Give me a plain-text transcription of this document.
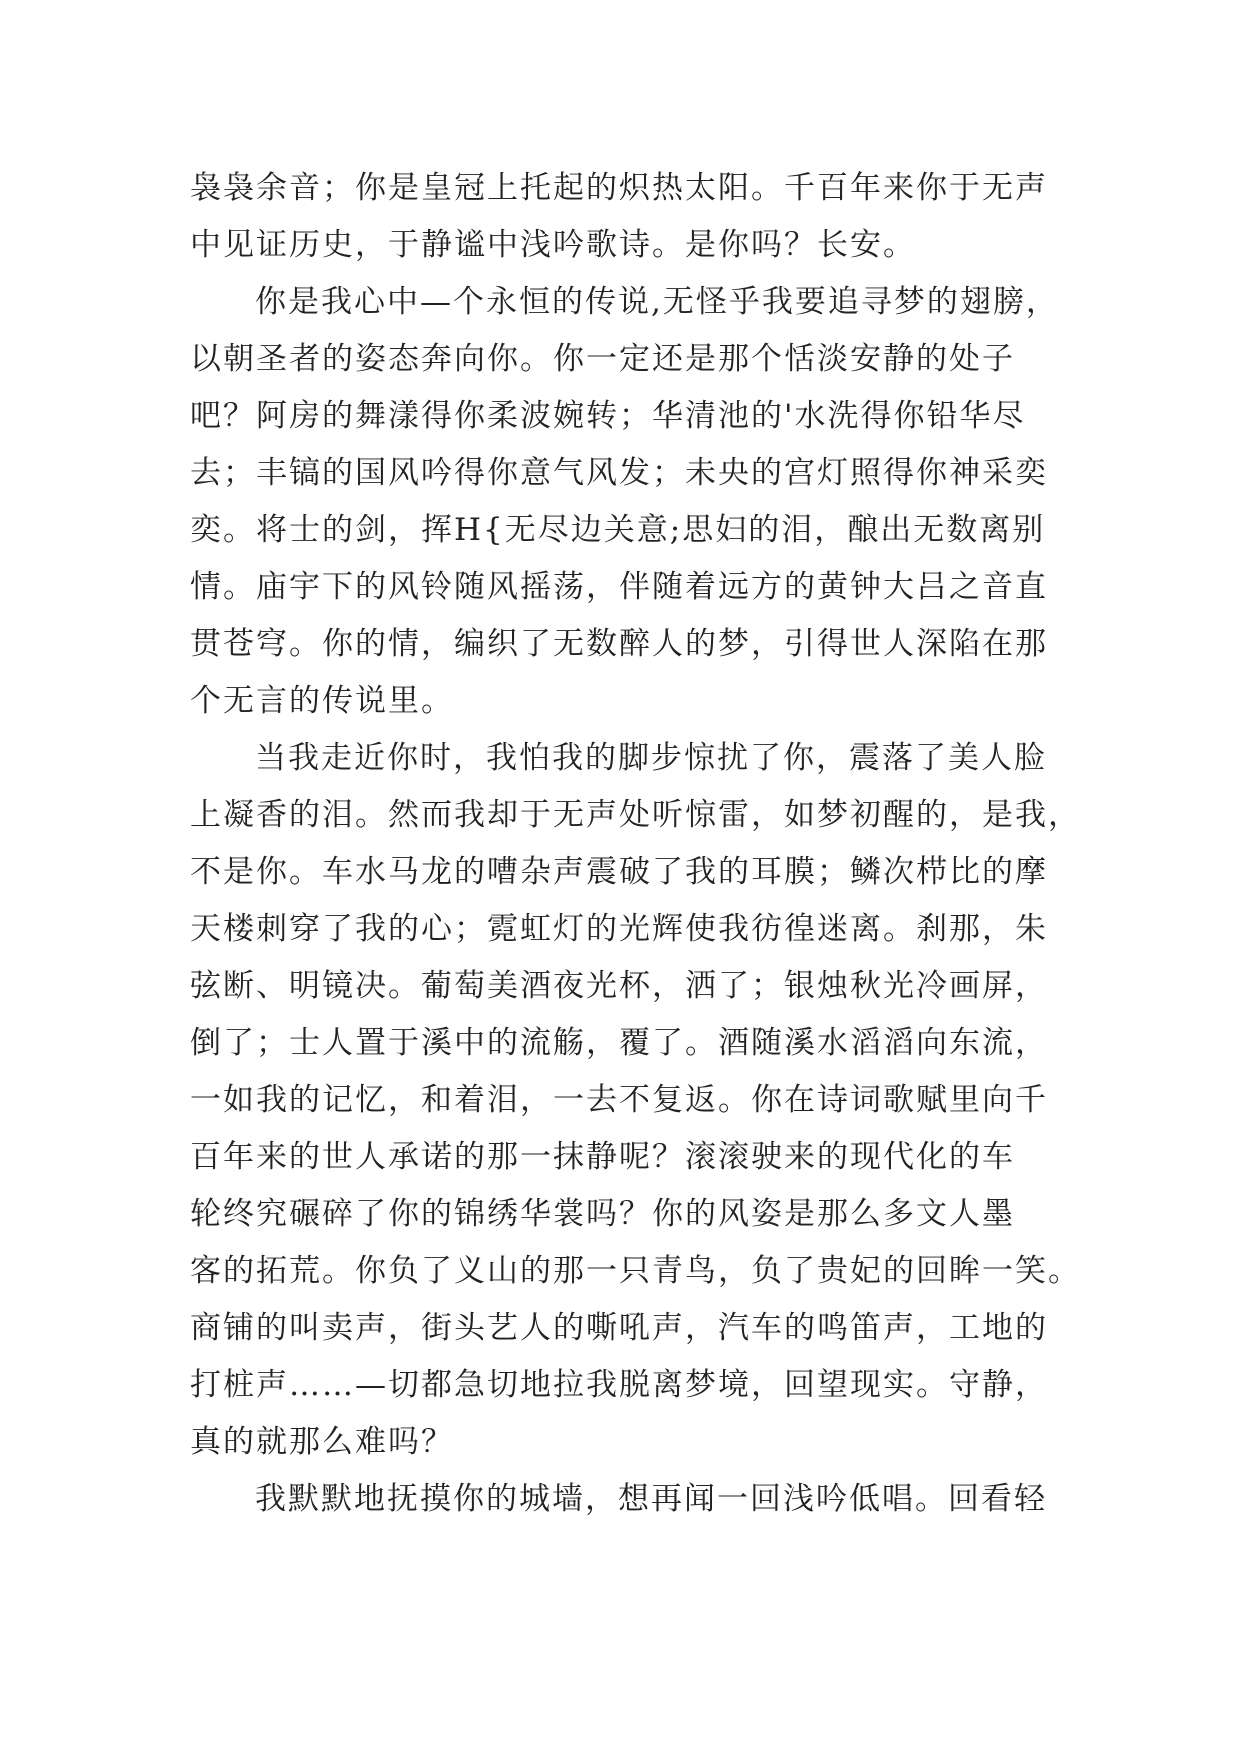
袅袅余音；你是皇冠上托起的炽热太阳。千百年来你于无声
中见证历史，于静谧中浅吟歌诗。是你吗？长安。
你是我心中—个永恒的传说,无怪乎我要追寻梦的翅膀，
以朝圣者的姿态奔向你。你一定还是那个恬淡安静的处子
吧？阿房的舞漾得你柔波婉转；华清池的'水洗得你铅华尽
去；丰镐的国风吟得你意气风发；未央的宫灯照得你神采奕
奕。将士的剑，挥H{无尽边关意;思妇的泪，酿出无数离别
情。庙宇下的风铃随风摇荡，伴随着远方的黄钟大吕之音直
贯苍穹。你的情，编织了无数醉人的梦，引得世人深陷在那
个无言的传说里。
当我走近你时，我怕我的脚步惊扰了你，震落了美人脸
上凝香的泪。然而我却于无声处听惊雷，如梦初醒的，是我，
不是你。车水马龙的嘈杂声震破了我的耳膜；鳞次栉比的摩
天楼刺穿了我的心；霓虹灯的光辉使我彷徨迷离。刹那，朱
弦断、明镜决。葡萄美酒夜光杯，洒了；银烛秋光冷画屏，
倒了；士人置于溪中的流觞，覆了。酒随溪水滔滔向东流，
一如我的记忆，和着泪，一去不复返。你在诗词歌赋里向千
百年来的世人承诺的那一抹静呢？滚滚驶来的现代化的车
轮终究碾碎了你的锦绣华裳吗？你的风姿是那么多文人墨
客的拓荒。你负了义山的那一只青鸟，负了贵妃的回眸一笑。
商铺的叫卖声，街头艺人的嘶吼声，汽车的鸣笛声，工地的
打桩声……—切都急切地拉我脱离梦境，回望现实。守静，
真的就那么难吗？
我默默地抚摸你的城墙，想再闻一回浅吟低唱。回看轻
